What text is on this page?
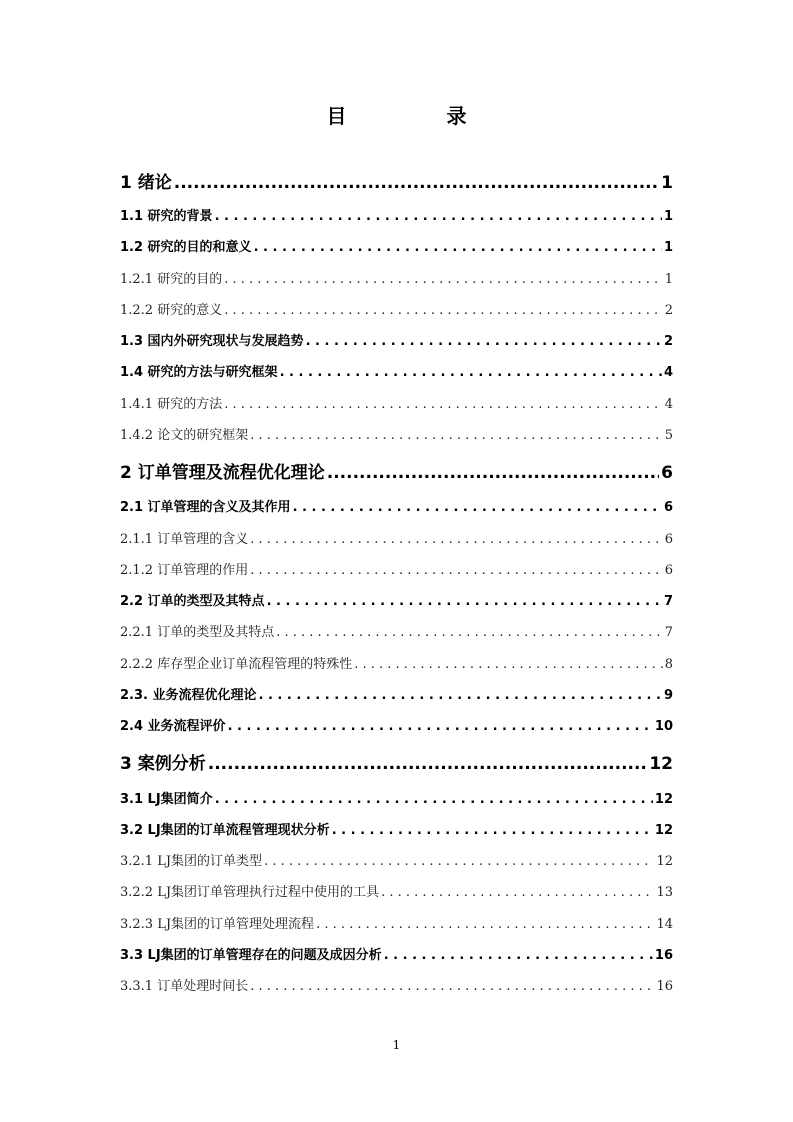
目　录
1 绪论 .....	1
1.1 研究的背景 . . .	1
1.2 研究的目的和意义 . . .	1
1.2.1 研究的目的 . . .	1
1.2.2 研究的意义 . . .	2
1.3 国内外研究现状与发展趋势 . . .	2
1.4 研究的方法与研究框架 . . .	4
1.4.1 研究的方法 . . .	4
1.4.2 论文的研究框架 . . .	5
2 订单管理及流程优化理论 .....	6
2.1 订单管理的含义及其作用 . . .	6
2.1.1 订单管理的含义 . . .	6
2.1.2 订单管理的作用 . . .	6
2.2 订单的类型及其特点 . . .	7
2.2.1 订单的类型及其特点 . . .	7
2.2.2 库存型企业订单流程管理的特殊性 . . .	8
2.3. 业务流程优化理论 . . .	9
2.4 业务流程评价 . . .	10
3 案例分析 .....	12
3.1 LJ集团简介 . . .	12
3.2 LJ集团的订单流程管理现状分析 . . .	12
3.2.1 LJ集团的订单类型 . . .	12
3.2.2 LJ集团订单管理执行过程中使用的工具 . . .	13
3.2.3 LJ集团的订单管理处理流程 . . .	14
3.3 LJ集团的订单管理存在的问题及成因分析 . . .	16
3.3.1 订单处理时间长 . . .	16
1
